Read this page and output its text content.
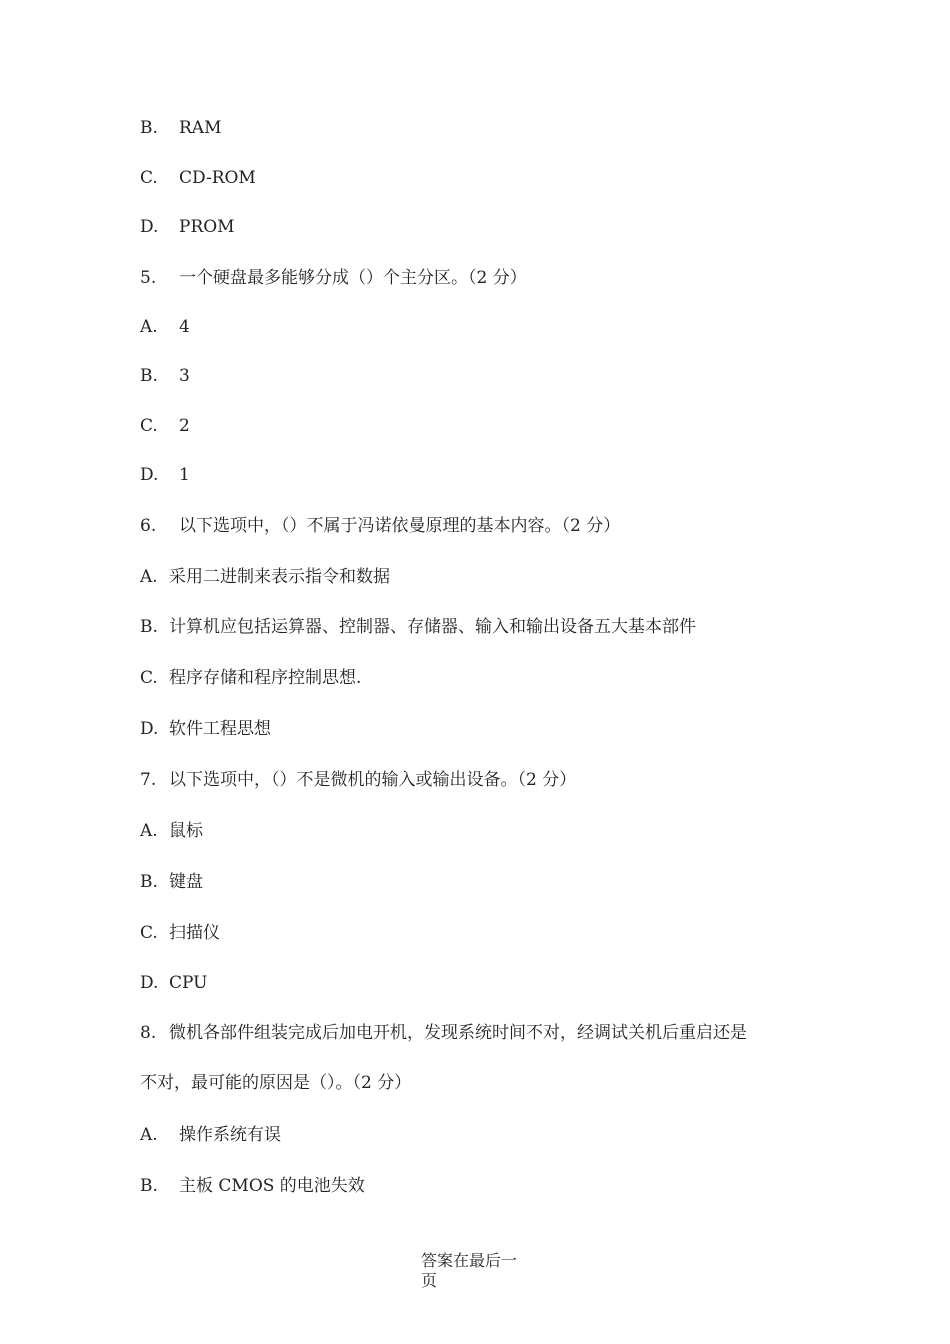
B. RAM
C. CD-ROM
D. PROM
5. 一个硬盘最多能够分成（）个主分区。（2 分）
A. 4
B. 3
C. 2
D. 1
6. 以下选项中，（）不属于冯诺依曼原理的基本内容。（2 分）
A. 采用二进制来表示指令和数据
B. 计算机应包括运算器、控制器、存储器、输入和输出设备五大基本部件
C. 程序存储和程序控制思想.
D. 软件工程思想
7. 以下选项中，（）不是微机的输入或输出设备。（2 分）
A. 鼠标
B. 键盘
C. 扫描仪
D. CPU
8. 微机各部件组装完成后加电开机，发现系统时间不对，经调试关机后重启还是
不对，最可能的原因是（）。（2 分）
A. 操作系统有误
B. 主板 CMOS 的电池失效
答案在最后一
页
